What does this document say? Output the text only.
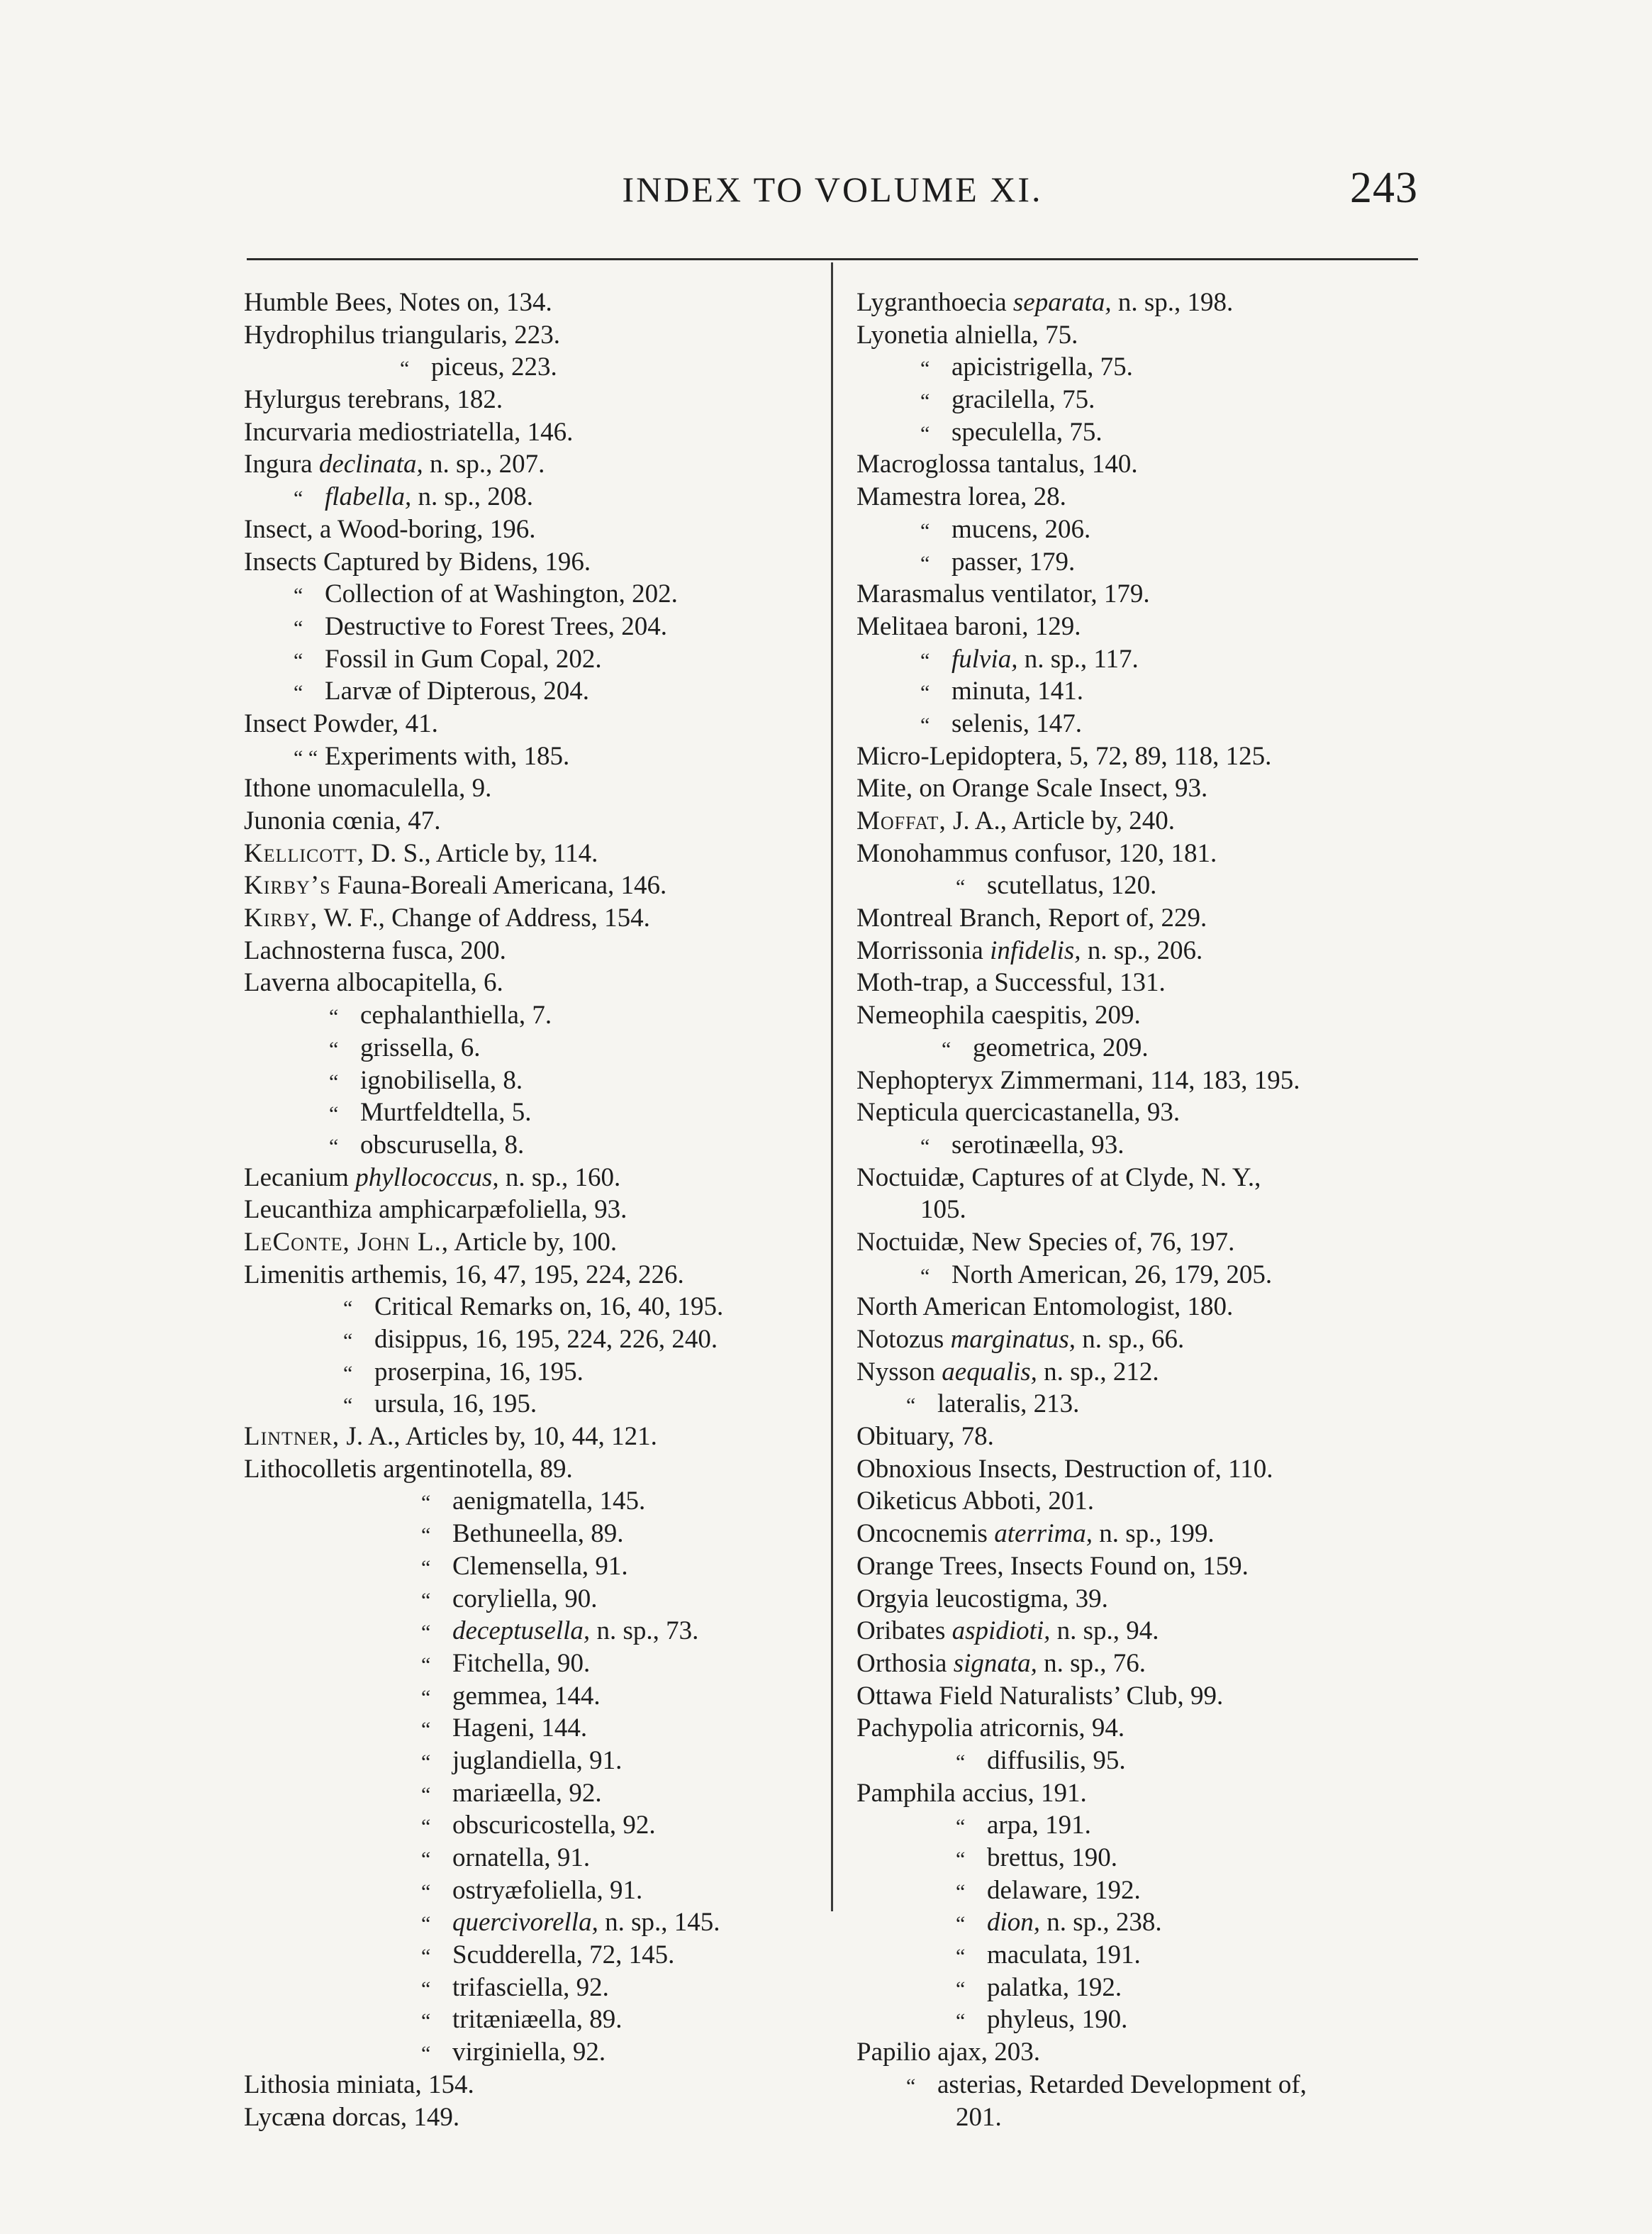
INDEX TO VOLUME XI.	243
Humble Bees, Notes on, 134.
Hydrophilus triangularis, 223.
“ piceus, 223.
Hylurgus terebrans, 182.
Incurvaria mediostriatella, 146.
Ingura declinata, n. sp., 207.
“ flabella, n. sp., 208.
Insect, a Wood-boring, 196.
Insects Captured by Bidens, 196.
“ Collection of at Washington, 202.
“ Destructive to Forest Trees, 204.
“ Fossil in Gum Copal, 202.
“ Larvæ of Dipterous, 204.
Insect Powder, 41.
“ “ Experiments with, 185.
Ithone unomaculella, 9.
Junonia cœnia, 47.
Kellicott, D. S., Article by, 114.
Kirby’s Fauna-Boreali Americana, 146.
Kirby, W. F., Change of Address, 154.
Lachnosterna fusca, 200.
Laverna albocapitella, 6.
“ cephalanthiella, 7.
“ grissella, 6.
“ ignobilisella, 8.
“ Murtfeldtella, 5.
“ obscurusella, 8.
Lecanium phyllococcus, n. sp., 160.
Leucanthiza amphicarpæfoliella, 93.
LeConte, John L., Article by, 100.
Limenitis arthemis, 16, 47, 195, 224, 226.
“ Critical Remarks on, 16, 40, 195.
“ disippus, 16, 195, 224, 226, 240.
“ proserpina, 16, 195.
“ ursula, 16, 195.
Lintner, J. A., Articles by, 10, 44, 121.
Lithocolletis argentinotella, 89.
“ aenigmatella, 145.
“ Bethuneella, 89.
“ Clemensella, 91.
“ coryliella, 90.
“ deceptusella, n. sp., 73.
“ Fitchella, 90.
“ gemmea, 144.
“ Hageni, 144.
“ juglandiella, 91.
“ mariæella, 92.
“ obscuricostella, 92.
“ ornatella, 91.
“ ostryæfoliella, 91.
“ quercivorella, n. sp., 145.
“ Scudderella, 72, 145.
“ trifasciella, 92.
“ tritæniæella, 89.
“ virginiella, 92.
Lithosia miniata, 154.
Lycæna dorcas, 149.
Lygranthoecia separata, n. sp., 198.
Lyonetia alniella, 75.
“ apicistrigella, 75.
“ gracilella, 75.
“ speculella, 75.
Macroglossa tantalus, 140.
Mamestra lorea, 28.
“ mucens, 206.
“ passer, 179.
Marasmalus ventilator, 179.
Melitaea baroni, 129.
“ fulvia, n. sp., 117.
“ minuta, 141.
“ selenis, 147.
Micro-Lepidoptera, 5, 72, 89, 118, 125.
Mite, on Orange Scale Insect, 93.
Moffat, J. A., Article by, 240.
Monohammus confusor, 120, 181.
“ scutellatus, 120.
Montreal Branch, Report of, 229.
Morrissonia infidelis, n. sp., 206.
Moth-trap, a Successful, 131.
Nemeophila caespitis, 209.
“ geometrica, 209.
Nephopteryx Zimmermani, 114, 183, 195.
Nepticula quercicastanella, 93.
“ serotinæella, 93.
Noctuidæ, Captures of at Clyde, N. Y.,
105.
Noctuidæ, New Species of, 76, 197.
“ North American, 26, 179, 205.
North American Entomologist, 180.
Notozus marginatus, n. sp., 66.
Nysson aequalis, n. sp., 212.
“ lateralis, 213.
Obituary, 78.
Obnoxious Insects, Destruction of, 110.
Oiketicus Abboti, 201.
Oncocnemis aterrima, n. sp., 199.
Orange Trees, Insects Found on, 159.
Orgyia leucostigma, 39.
Oribates aspidioti, n. sp., 94.
Orthosia signata, n. sp., 76.
Ottawa Field Naturalists’ Club, 99.
Pachypolia atricornis, 94.
“ diffusilis, 95.
Pamphila accius, 191.
“ arpa, 191.
“ brettus, 190.
“ delaware, 192.
“ dion, n. sp., 238.
“ maculata, 191.
“ palatka, 192.
“ phyleus, 190.
Papilio ajax, 203.
“ asterias, Retarded Development of,
201.
